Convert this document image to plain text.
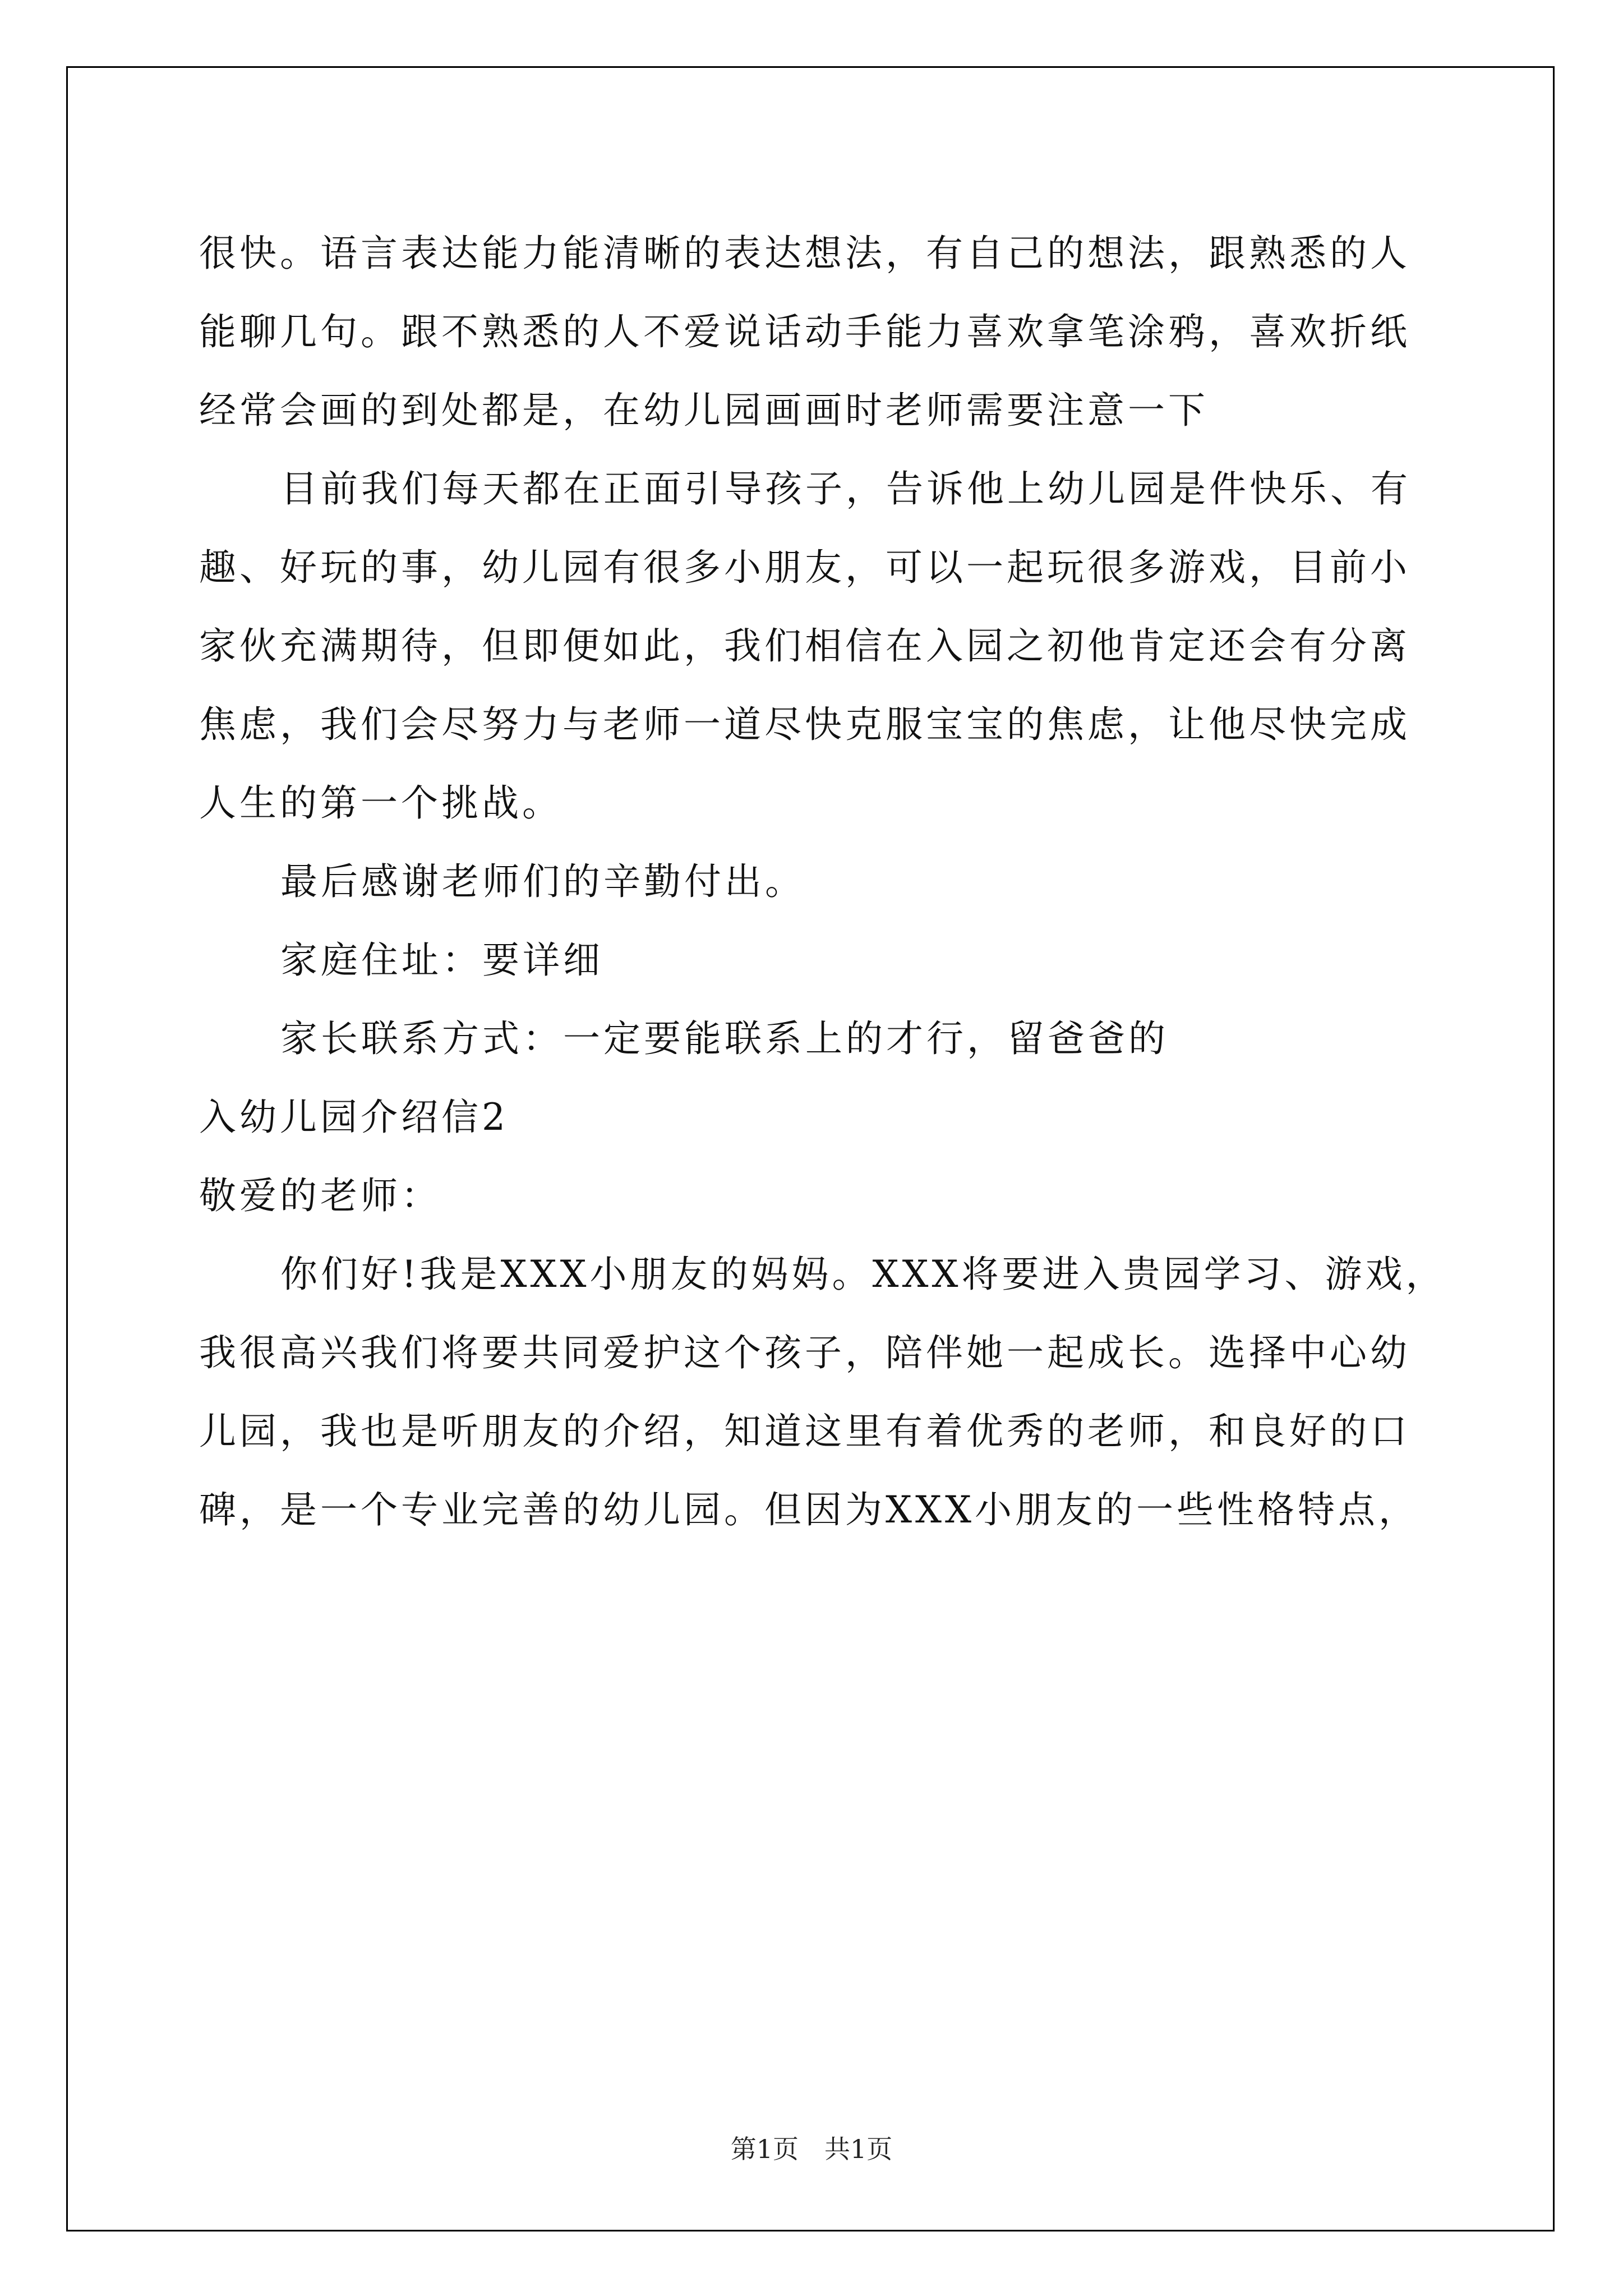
很快。语言表达能力能清晰的表达想法，有自己的想法，跟熟悉的人
能聊几句。跟不熟悉的人不爱说话动手能力喜欢拿笔涂鸦，喜欢折纸
经常会画的到处都是，在幼儿园画画时老师需要注意一下
目前我们每天都在正面引导孩子，告诉他上幼儿园是件快乐、有
趣、好玩的事，幼儿园有很多小朋友，可以一起玩很多游戏，目前小
家伙充满期待，但即便如此，我们相信在入园之初他肯定还会有分离
焦虑，我们会尽努力与老师一道尽快克服宝宝的焦虑，让他尽快完成
人生的第一个挑战。
最后感谢老师们的辛勤付出。
家庭住址：要详细
家长联系方式：一定要能联系上的才行，留爸爸的
入幼儿园介绍信2
敬爱的老师：
你们好!我是XXX小朋友的妈妈。XXX将要进入贵园学习、游戏，
我很高兴我们将要共同爱护这个孩子，陪伴她一起成长。选择中心幼
儿园，我也是听朋友的介绍，知道这里有着优秀的老师，和良好的口
碑，是一个专业完善的幼儿园。但因为XXX小朋友的一些性格特点，
第1页　共1页
